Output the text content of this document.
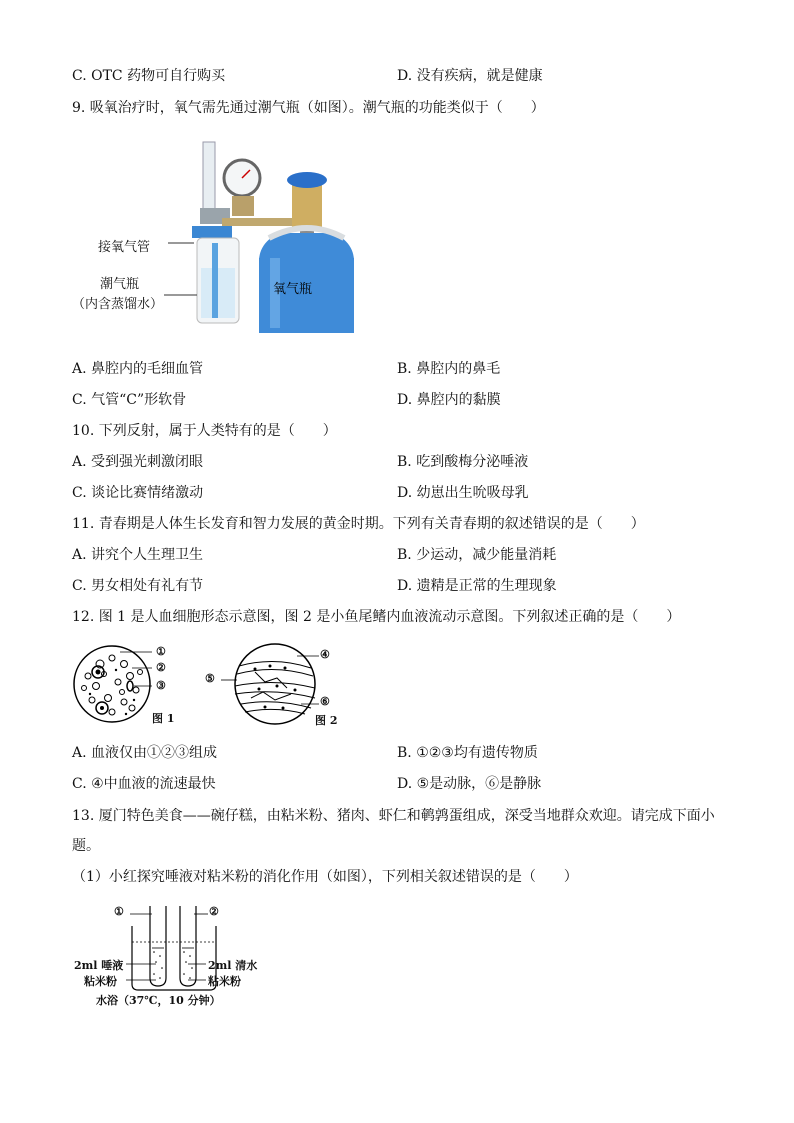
C. OTC 药物可自行购买	D. 没有疾病，就是健康
9. 吸氧治疗时，氧气需先通过潮气瓶（如图）。潮气瓶的功能类似于（　　）
接氧气管
潮气瓶
（内含蒸馏水）
氧气瓶
A. 鼻腔内的毛细血管	B. 鼻腔内的鼻毛
C. 气管“C”形软骨	D. 鼻腔内的黏膜
10. 下列反射，属于人类特有的是（　　）
A. 受到强光刺激闭眼	B. 吃到酸梅分泌唾液
C. 谈论比赛情绪激动	D. 幼崽出生吮吸母乳
11. 青春期是人体生长发育和智力发展的黄金时期。下列有关青春期的叙述错误的是（　　）
A. 讲究个人生理卫生	B. 少运动，减少能量消耗
C. 男女相处有礼有节	D. 遗精是正常的生理现象
12. 图 1 是人血细胞形态示意图，图 2 是小鱼尾鳍内血液流动示意图。下列叙述正确的是（　　）
①
②
③
图 1
④
⑤
⑥
图 2
A. 血液仅由①②③组成	B. ①②③均有遗传物质
C. ④中血液的流速最快	D. ⑤是动脉，⑥是静脉
13. 厦门特色美食——碗仔糕，由粘米粉、猪肉、虾仁和鹌鹑蛋组成，深受当地群众欢迎。请完成下面小
题。
（1）小红探究唾液对粘米粉的消化作用（如图），下列相关叙述错误的是（　　）
①	②
2ml 唾液
粘米粉
2ml 清水
粘米粉
水浴（37℃，10 分钟）
